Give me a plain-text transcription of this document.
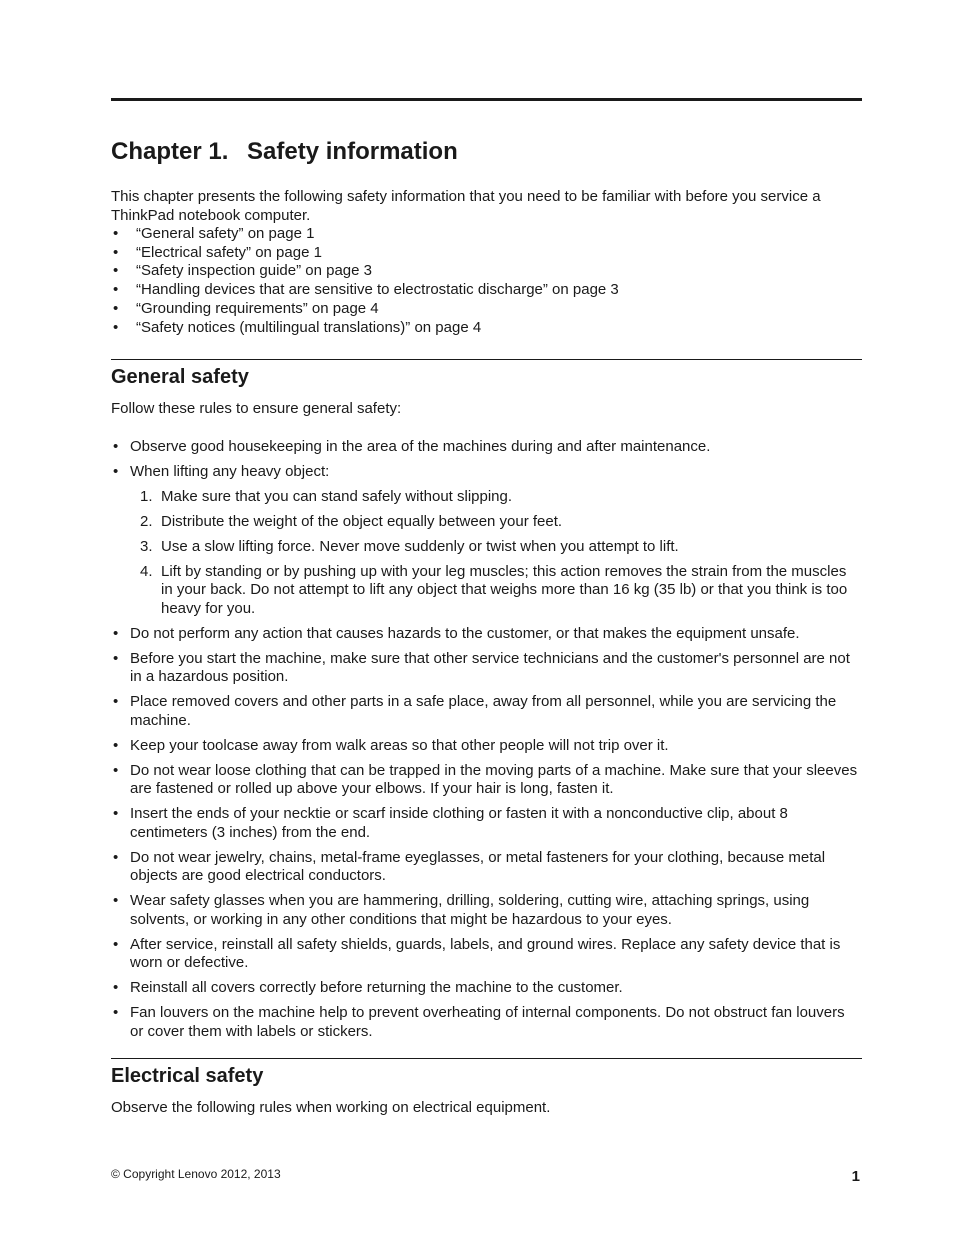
Chapter 1. Safety information

This chapter presents the following safety information that you need to be familiar with before you service a ThinkPad notebook computer.

• “General safety” on page 1
• “Electrical safety” on page 1
• “Safety inspection guide” on page 3
• “Handling devices that are sensitive to electrostatic discharge” on page 3
• “Grounding requirements” on page 4
• “Safety notices (multilingual translations)” on page 4
General safety

Follow these rules to ensure general safety:

• Observe good housekeeping in the area of the machines during and after maintenance.
• When lifting any heavy object:
1. Make sure that you can stand safely without slipping.
2. Distribute the weight of the object equally between your feet.
3. Use a slow lifting force. Never move suddenly or twist when you attempt to lift.
4. Lift by standing or by pushing up with your leg muscles; this action removes the strain from the muscles in your back. Do not attempt to lift any object that weighs more than 16 kg (35 lb) or that you think is too heavy for you.
• Do not perform any action that causes hazards to the customer, or that makes the equipment unsafe.
• Before you start the machine, make sure that other service technicians and the customer's personnel are not in a hazardous position.
• Place removed covers and other parts in a safe place, away from all personnel, while you are servicing the machine.
• Keep your toolcase away from walk areas so that other people will not trip over it.
• Do not wear loose clothing that can be trapped in the moving parts of a machine. Make sure that your sleeves are fastened or rolled up above your elbows. If your hair is long, fasten it.
• Insert the ends of your necktie or scarf inside clothing or fasten it with a nonconductive clip, about 8 centimeters (3 inches) from the end.
• Do not wear jewelry, chains, metal-frame eyeglasses, or metal fasteners for your clothing, because metal objects are good electrical conductors.
• Wear safety glasses when you are hammering, drilling, soldering, cutting wire, attaching springs, using solvents, or working in any other conditions that might be hazardous to your eyes.
• After service, reinstall all safety shields, guards, labels, and ground wires. Replace any safety device that is worn or defective.
• Reinstall all covers correctly before returning the machine to the customer.
• Fan louvers on the machine help to prevent overheating of internal components. Do not obstruct fan louvers or cover them with labels or stickers.
Electrical safety

Observe the following rules when working on electrical equipment.

© Copyright Lenovo 2012, 2013	1
